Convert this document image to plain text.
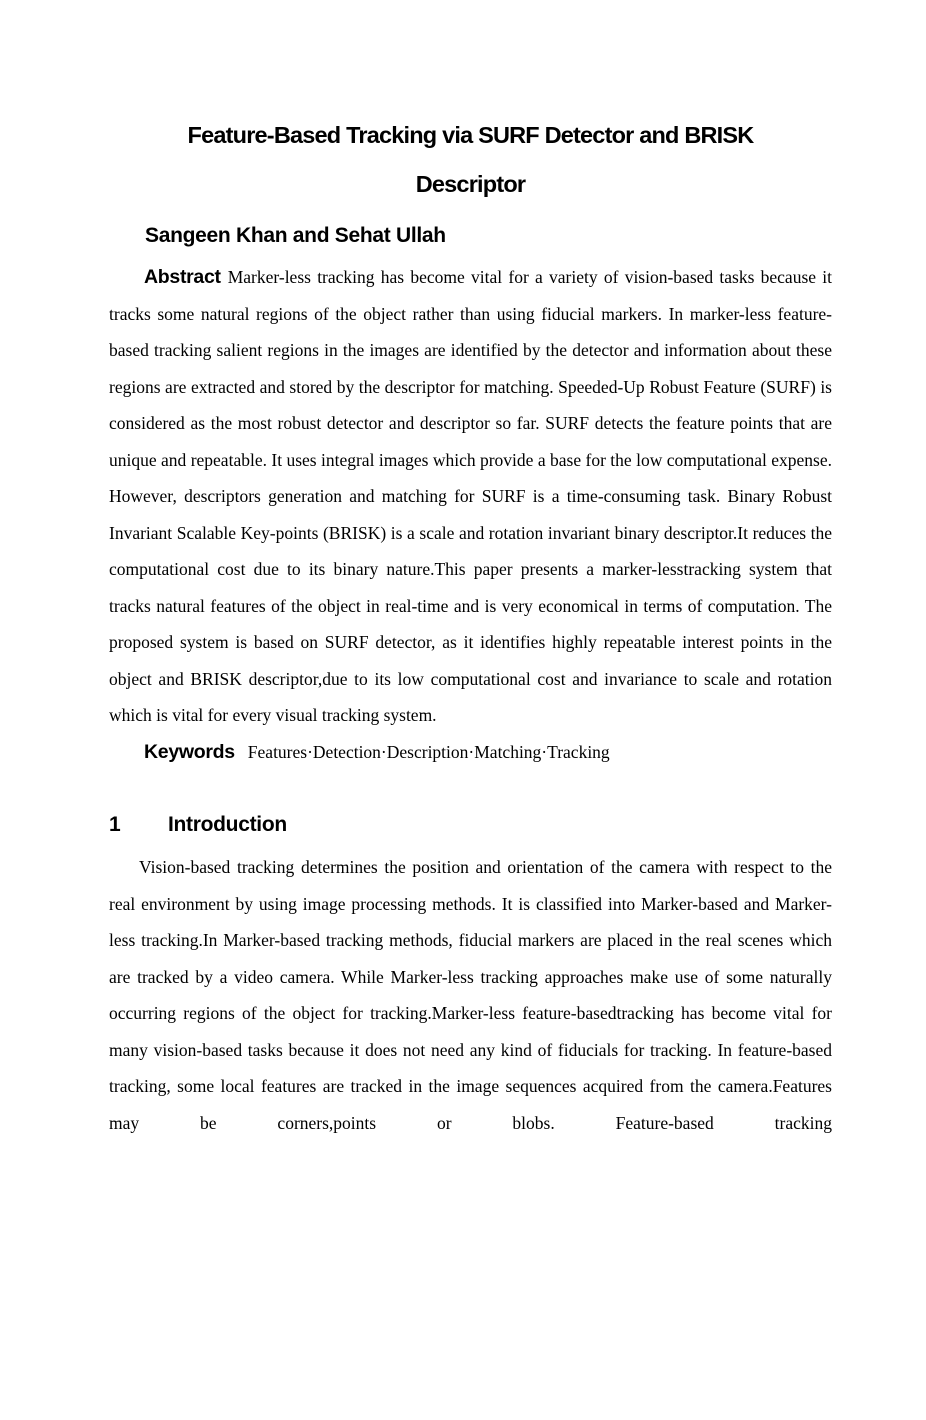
Feature-Based Tracking via SURF Detector and BRISK
Descriptor
Sangeen Khan and Sehat Ullah

Abstract Marker-less tracking has become vital for a variety of vision-based tasks because it tracks some natural regions of the object rather than using fiducial markers. In marker-less feature-based tracking salient regions in the images are identified by the detector and information about these regions are extracted and stored by the descriptor for matching. Speeded-Up Robust Feature (SURF) is considered as the most robust detector and descriptor so far. SURF detects the feature points that are unique and repeatable. It uses integral images which provide a base for the low computational expense. However, descriptors generation and matching for SURF is a time-consuming task. Binary Robust Invariant Scalable Key-points (BRISK) is a scale and rotation invariant binary descriptor.It reduces the computational cost due to its binary nature.This paper presents a marker-lesstracking system that tracks natural features of the object in real-time and is very economical in terms of computation. The proposed system is based on SURF detector, as it identifies highly repeatable interest points in the object and BRISK descriptor,due to its low computational cost and invariance to scale and rotation which is vital for every visual tracking system.

Keywords Features·Detection·Description·Matching·Tracking

1 Introduction

Vision-based tracking determines the position and orientation of the camera with respect to the real environment by using image processing methods. It is classified into Marker-based and Marker-less tracking.In Marker-based tracking methods, fiducial markers are placed in the real scenes which are tracked by a video camera. While Marker-less tracking approaches make use of some naturally occurring regions of the object for tracking.Marker-less feature-basedtracking has become vital for many vision-based tasks because it does not need any kind of fiducials for tracking. In feature-based tracking, some local features are tracked in the image sequences acquired from the camera.Features may be corners,points or blobs. Feature-based tracking
